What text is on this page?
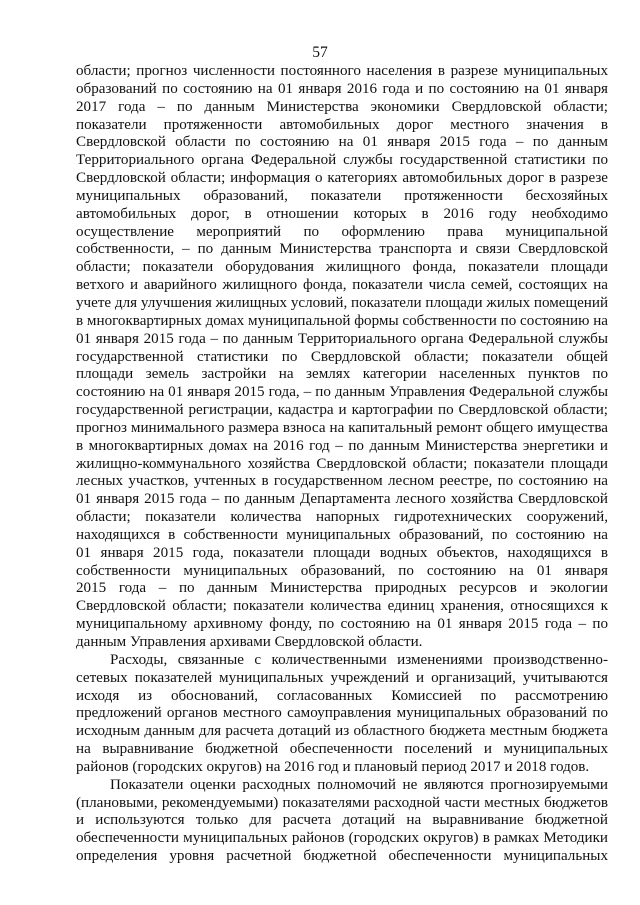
57
области; прогноз численности постоянного населения в разрезе муниципальных
образований по состоянию на 01 января 2016 года и по состоянию на 01 января
2017 года – по данным Министерства экономики Свердловской области;
показатели протяженности автомобильных дорог местного значения в
Свердловской области по состоянию на 01 января 2015 года – по данным
Территориального органа Федеральной службы государственной статистики по
Свердловской области; информация о категориях автомобильных дорог в разрезе
муниципальных образований, показатели протяженности бесхозяйных
автомобильных дорог, в отношении которых в 2016 году необходимо
осуществление мероприятий по оформлению права муниципальной
собственности, – по данным Министерства транспорта и связи Свердловской
области; показатели оборудования жилищного фонда, показатели площади
ветхого и аварийного жилищного фонда, показатели числа семей, состоящих на
учете для улучшения жилищных условий, показатели площади жилых помещений
в многоквартирных домах муниципальной формы собственности по состоянию на
01 января 2015 года – по данным Территориального органа Федеральной службы
государственной статистики по Свердловской области; показатели общей
площади земель застройки на землях категории населенных пунктов по
состоянию на 01 января 2015 года, – по данным Управления Федеральной службы
государственной регистрации, кадастра и картографии по Свердловской области;
прогноз минимального размера взноса на капитальный ремонт общего имущества
в многоквартирных домах на 2016 год – по данным Министерства энергетики и
жилищно-коммунального хозяйства Свердловской области; показатели площади
лесных участков, учтенных в государственном лесном реестре, по состоянию на
01 января 2015 года – по данным Департамента лесного хозяйства Свердловской
области; показатели количества напорных гидротехнических сооружений,
находящихся в собственности муниципальных образований, по состоянию на
01 января 2015 года, показатели площади водных объектов, находящихся в
собственности муниципальных образований, по состоянию на 01 января
2015 года – по данным Министерства природных ресурсов и экологии
Свердловской области; показатели количества единиц хранения, относящихся к
муниципальному архивному фонду, по состоянию на 01 января 2015 года – по
данным Управления архивами Свердловской области.
Расходы, связанные с количественными изменениями производственно-
сетевых показателей муниципальных учреждений и организаций, учитываются
исходя из обоснований, согласованных Комиссией по рассмотрению
предложений органов местного самоуправления муниципальных образований по
исходным данным для расчета дотаций из областного бюджета местным бюджета
на выравнивание бюджетной обеспеченности поселений и муниципальных
районов (городских округов) на 2016 год и плановый период 2017 и 2018 годов.
Показатели оценки расходных полномочий не являются прогнозируемыми
(плановыми, рекомендуемыми) показателями расходной части местных бюджетов
и используются только для расчета дотаций на выравнивание бюджетной
обеспеченности муниципальных районов (городских округов) в рамках Методики
определения уровня расчетной бюджетной обеспеченности муниципальных
